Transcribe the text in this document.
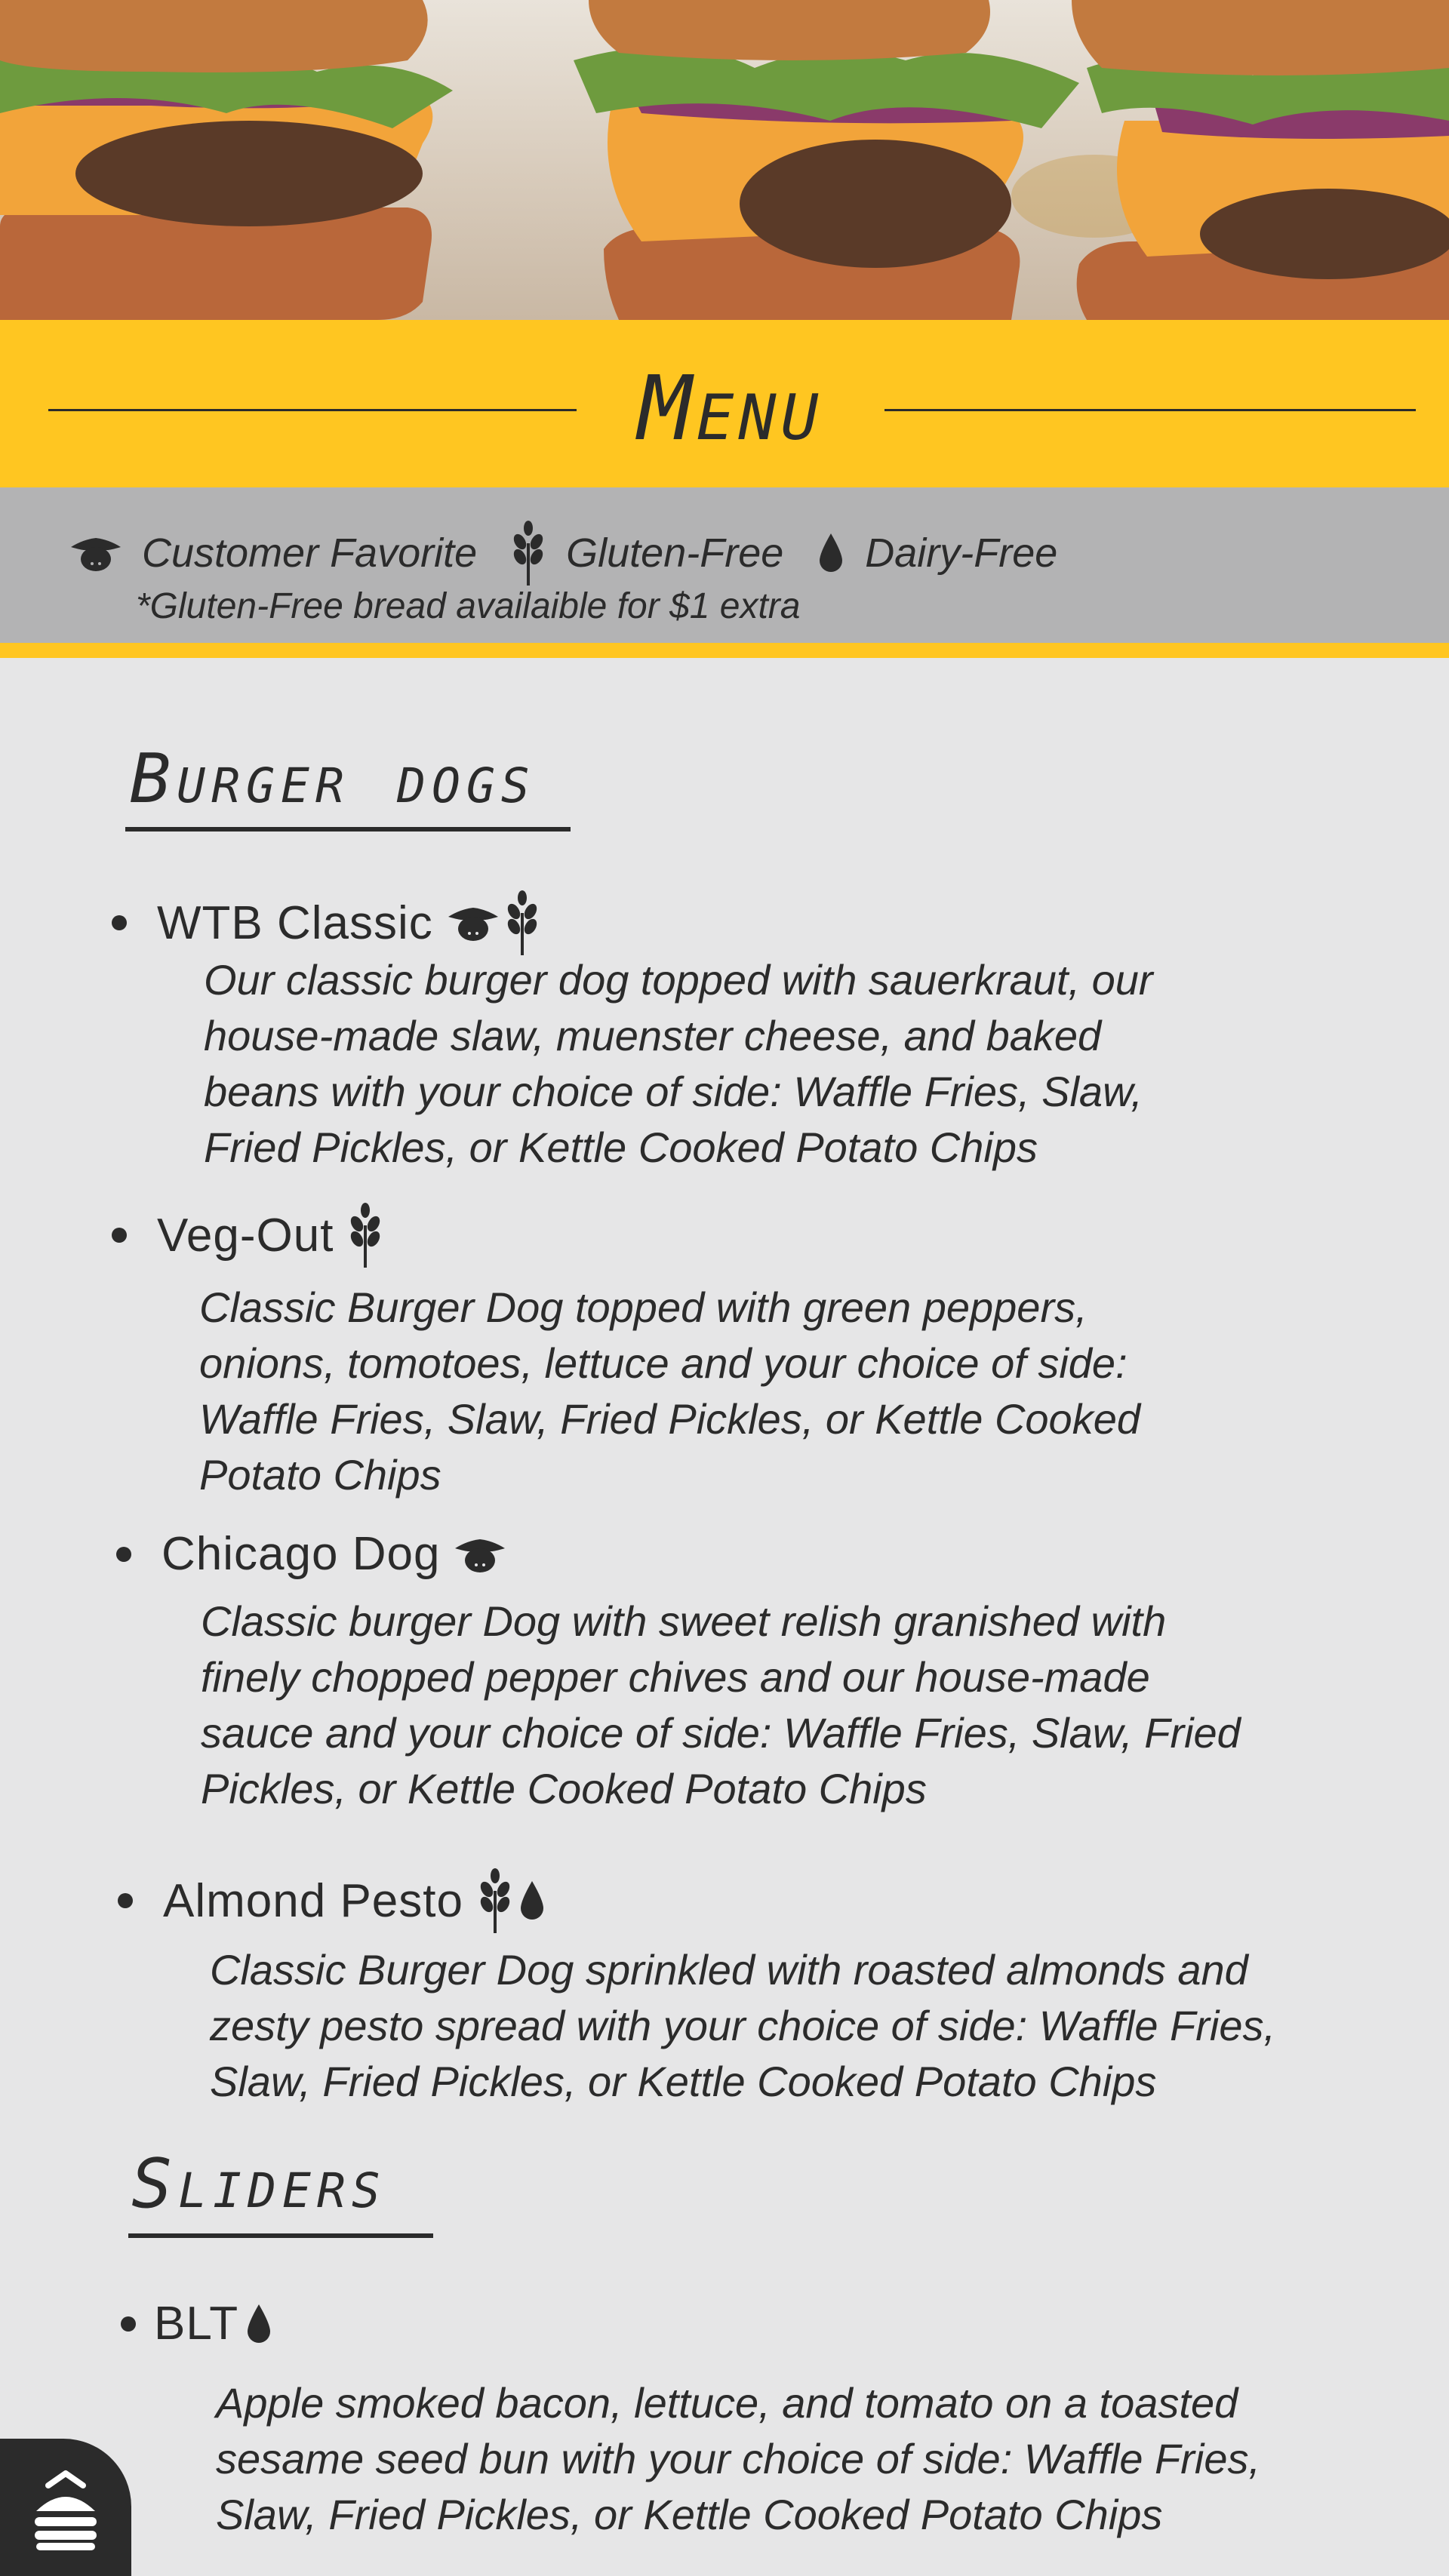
Menu
Customer Favorite Gluten-Free Dairy-Free
*Gluten-Free bread availaible for $1 extra
Burger dogs
WTB Classic
Our classic burger dog topped with sauerkraut, our
house-made slaw, muenster cheese, and baked
beans with your choice of side: Waffle Fries, Slaw,
Fried Pickles, or Kettle Cooked Potato Chips
Veg-Out
Classic Burger Dog topped with green peppers,
onions, tomotoes, lettuce and your choice of side:
Waffle Fries, Slaw, Fried Pickles, or Kettle Cooked
Potato Chips
Chicago Dog
Classic burger Dog with sweet relish granished with
finely chopped pepper chives and our house-made
sauce and your choice of side: Waffle Fries, Slaw, Fried
Pickles, or Kettle Cooked Potato Chips
Almond Pesto
Classic Burger Dog sprinkled with roasted almonds and
zesty pesto spread with your choice of side: Waffle Fries,
Slaw, Fried Pickles, or Kettle Cooked Potato Chips
Sliders
BLT
Apple smoked bacon, lettuce, and tomato on a toasted
sesame seed bun with your choice of side: Waffle Fries,
Slaw, Fried Pickles, or Kettle Cooked Potato Chips
